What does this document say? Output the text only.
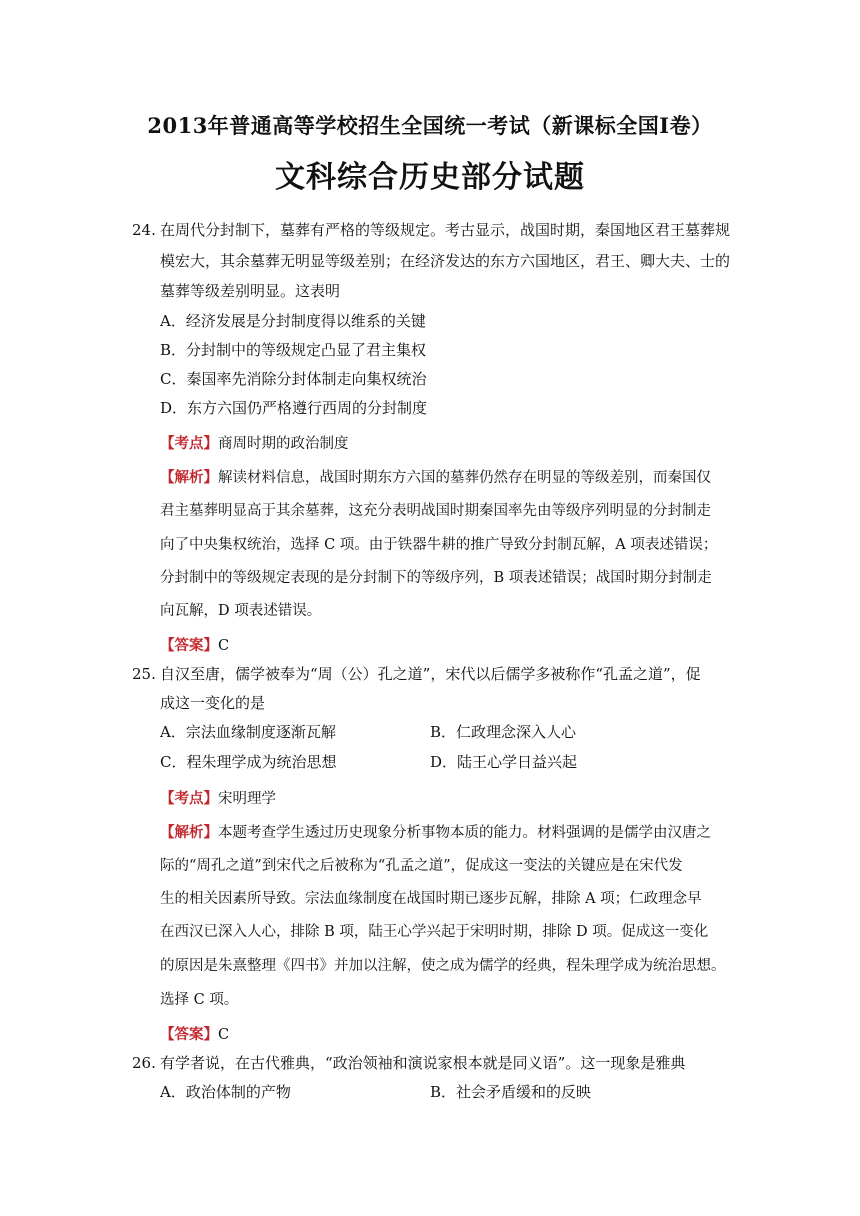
2013年普通高等学校招生全国统一考试（新课标全国Ⅰ卷）
文科综合历史部分试题
24. 在周代分封制下，墓葬有严格的等级规定。考古显示，战国时期，秦国地区君王墓葬规
模宏大，其余墓葬无明显等级差别；在经济发达的东方六国地区，君王、卿大夫、士的
墓葬等级差别明显。这表明
A．经济发展是分封制度得以维系的关键
B．分封制中的等级规定凸显了君主集权
C．秦国率先消除分封体制走向集权统治
D．东方六国仍严格遵行西周的分封制度
【考点】商周时期的政治制度
【解析】解读材料信息，战国时期东方六国的墓葬仍然存在明显的等级差别，而秦国仅
君主墓葬明显高于其余墓葬，这充分表明战国时期秦国率先由等级序列明显的分封制走
向了中央集权统治，选择 C 项。由于铁器牛耕的推广导致分封制瓦解，A 项表述错误；
分封制中的等级规定表现的是分封制下的等级序列，B 项表述错误；战国时期分封制走
向瓦解，D 项表述错误。
【答案】C
25. 自汉至唐，儒学被奉为“周（公）孔之道”，宋代以后儒学多被称作“孔孟之道”，促
成这一变化的是
A．宗法血缘制度逐渐瓦解	B．仁政理念深入人心
C．程朱理学成为统治思想	D．陆王心学日益兴起
【考点】宋明理学
【解析】本题考查学生透过历史现象分析事物本质的能力。材料强调的是儒学由汉唐之
际的“周孔之道”到宋代之后被称为“孔孟之道”，促成这一变法的关键应是在宋代发
生的相关因素所导致。宗法血缘制度在战国时期已逐步瓦解，排除 A 项；仁政理念早
在西汉已深入人心，排除 B 项，陆王心学兴起于宋明时期，排除 D 项。促成这一变化
的原因是朱熹整理《四书》并加以注解，使之成为儒学的经典，程朱理学成为统治思想。
选择 C 项。
【答案】C
26. 有学者说，在古代雅典，“政治领袖和演说家根本就是同义语”。这一现象是雅典
A．政治体制的产物	B．社会矛盾缓和的反映
